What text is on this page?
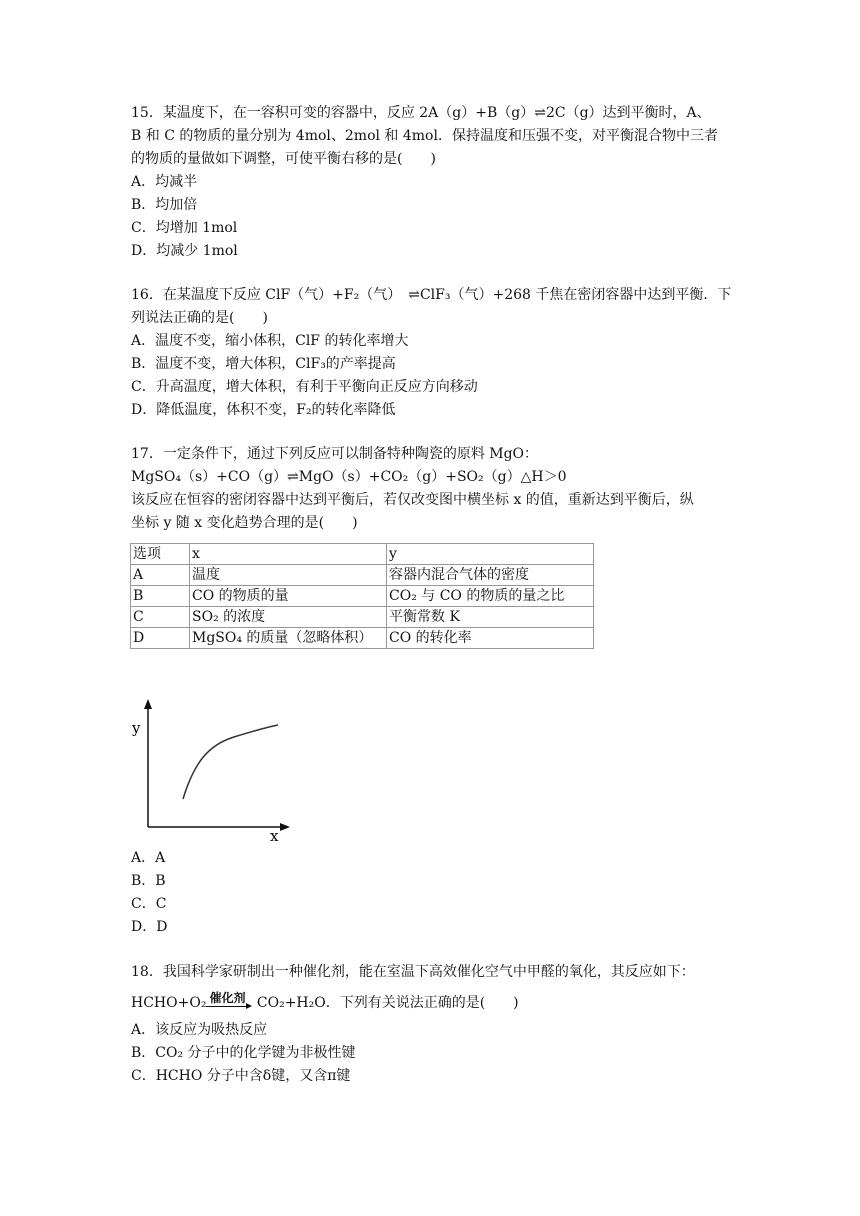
15．某温度下，在一容积可变的容器中，反应 2A（g）+B（g）⇌2C（g）达到平衡时，A、
B 和 C 的物质的量分别为 4mol、2mol 和 4mol．保持温度和压强不变，对平衡混合物中三者
的物质的量做如下调整，可使平衡右移的是(　　)
A．均减半
B．均加倍
C．均增加 1mol
D．均减少 1mol
16．在某温度下反应 ClF（气）+F₂（气）　⇌ClF₃（气）+268 千焦在密闭容器中达到平衡．下
列说法正确的是(　　)
A．温度不变，缩小体积，ClF 的转化率增大
B．温度不变，增大体积，ClF₃的产率提高
C．升高温度，增大体积，有利于平衡向正反应方向移动
D．降低温度，体积不变，F₂的转化率降低
17．一定条件下，通过下列反应可以制备特种陶瓷的原料 MgO：
MgSO₄（s）+CO（g）⇌MgO（s）+CO₂（g）+SO₂（g）△H＞0
该反应在恒容的密闭容器中达到平衡后，若仅改变图中横坐标 x 的值，重新达到平衡后，纵
坐标 y 随 x 变化趋势合理的是(　　)
选项	x	y
A	温度	容器内混合气体的密度
B	CO 的物质的量	CO₂ 与 CO 的物质的量之比
C	SO₂ 的浓度	平衡常数 K
D	MgSO₄ 的质量（忽略体积）	CO 的转化率
y
x
A．A
B．B
C．C
D．D
18．我国科学家研制出一种催化剂，能在室温下高效催化空气中甲醛的氧化，其反应如下：
HCHO+O₂ 催化剂 CO₂+H₂O．下列有关说法正确的是(　　)
A．该反应为吸热反应
B．CO₂ 分子中的化学键为非极性键
C．HCHO 分子中含δ键，又含π键
